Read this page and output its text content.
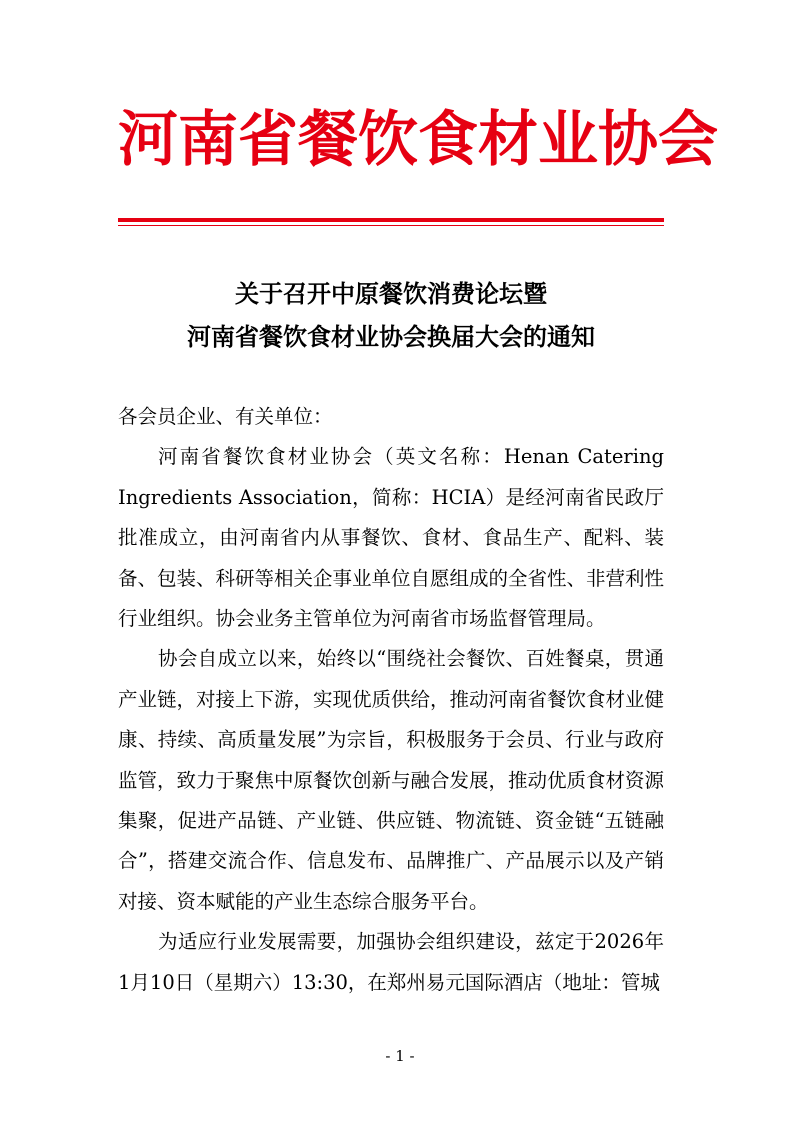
河南省餐饮食材业协会
关于召开中原餐饮消费论坛暨
河南省餐饮食材业协会换届大会的通知

各会员企业、有关单位：

河南省餐饮食材业协会（英文名称：Henan Catering Ingredients Association，简称：HCIA）是经河南省民政厅批准成立，由河南省内从事餐饮、食材、食品生产、配料、装备、包装、科研等相关企事业单位自愿组成的全省性、非营利性行业组织。协会业务主管单位为河南省市场监督管理局。

协会自成立以来，始终以“围绕社会餐饮、百姓餐桌，贯通产业链，对接上下游，实现优质供给，推动河南省餐饮食材业健康、持续、高质量发展”为宗旨，积极服务于会员、行业与政府监管，致力于聚焦中原餐饮创新与融合发展，推动优质食材资源集聚，促进产品链、产业链、供应链、物流链、资金链“五链融合”，搭建交流合作、信息发布、品牌推广、产品展示以及产销对接、资本赋能的产业生态综合服务平台。

为适应行业发展需要，加强协会组织建设，兹定于2026年1月10日（星期六）13:30，在郑州易元国际酒店（地址：管城

- 1 -
